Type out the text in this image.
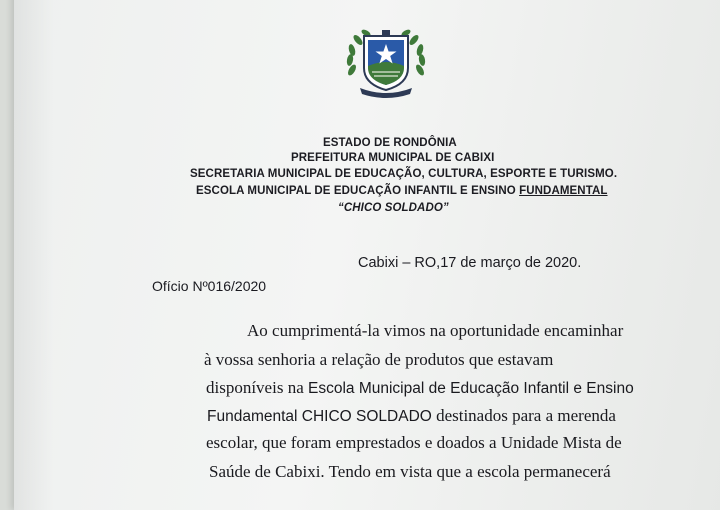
ESTADO DE RONDÔNIA
PREFEITURA MUNICIPAL DE CABIXI
SECRETARIA MUNICIPAL DE EDUCAÇÃO, CULTURA, ESPORTE E TURISMO.
ESCOLA MUNICIPAL DE EDUCAÇÃO INFANTIL E ENSINO FUNDAMENTAL
“CHICO SOLDADO”
Ofício Nº016/2020
Cabixi – RO,17 de março de 2020.
Ao cumprimentá-la vimos na oportunidade encaminhar
à vossa senhoria a relação de produtos que estavam
disponíveis na Escola Municipal de Educação Infantil e Ensino
Fundamental CHICO SOLDADO destinados para a merenda
escolar, que foram emprestados e doados a Unidade Mista de
Saúde de Cabixi. Tendo em vista que a escola permanecerá
